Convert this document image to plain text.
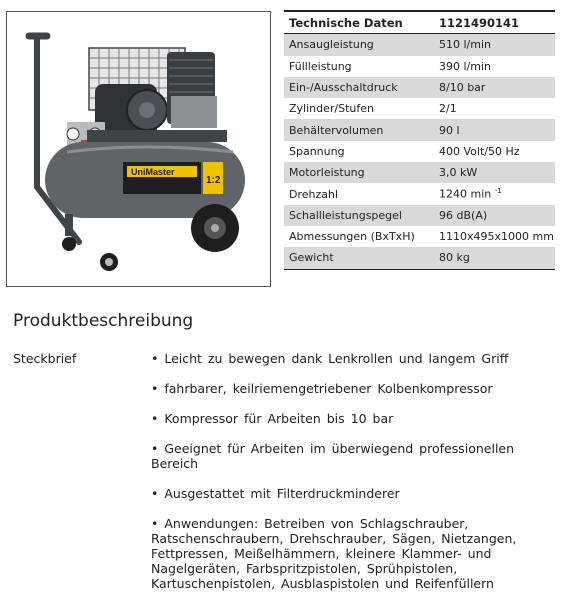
UniMaster
1:2
Technische Daten	1121490141
Ansaugleistung	510 l/min
Füllleistung	390 l/min
Ein-/Ausschaltdruck	8/10 bar
Zylinder/Stufen	2/1
Behältervolumen	90 l
Spannung	400 Volt/50 Hz
Motorleistung	3,0 kW
Drehzahl	1240 min $^{-1}$
Schallleistungspegel	96 dB(A)
Abmessungen (BxTxH)	1110x495x1000 mm
Gewicht	80 kg
Produktbeschreibung
Steckbrief	• Leicht zu bewegen dank Lenkrollen und langem Griff

• fahrbarer, keilriemengetriebener Kolbenkompressor

• Kompressor für Arbeiten bis 10 bar

• Geeignet für Arbeiten im überwiegend professionellen Bereich

• Ausgestattet mit Filterdruckminderer

• Anwendungen: Betreiben von Schlagschrauber, Ratschenschraubern, Drehschrauber, Sägen, Nietzangen, Fettpressen, Meißelhämmern, kleinere Klammer- und Nagelgeräten, Farbspritzpistolen, Sprühpistolen, Kartuschenpistolen, Ausblaspistolen und Reifenfüllern
